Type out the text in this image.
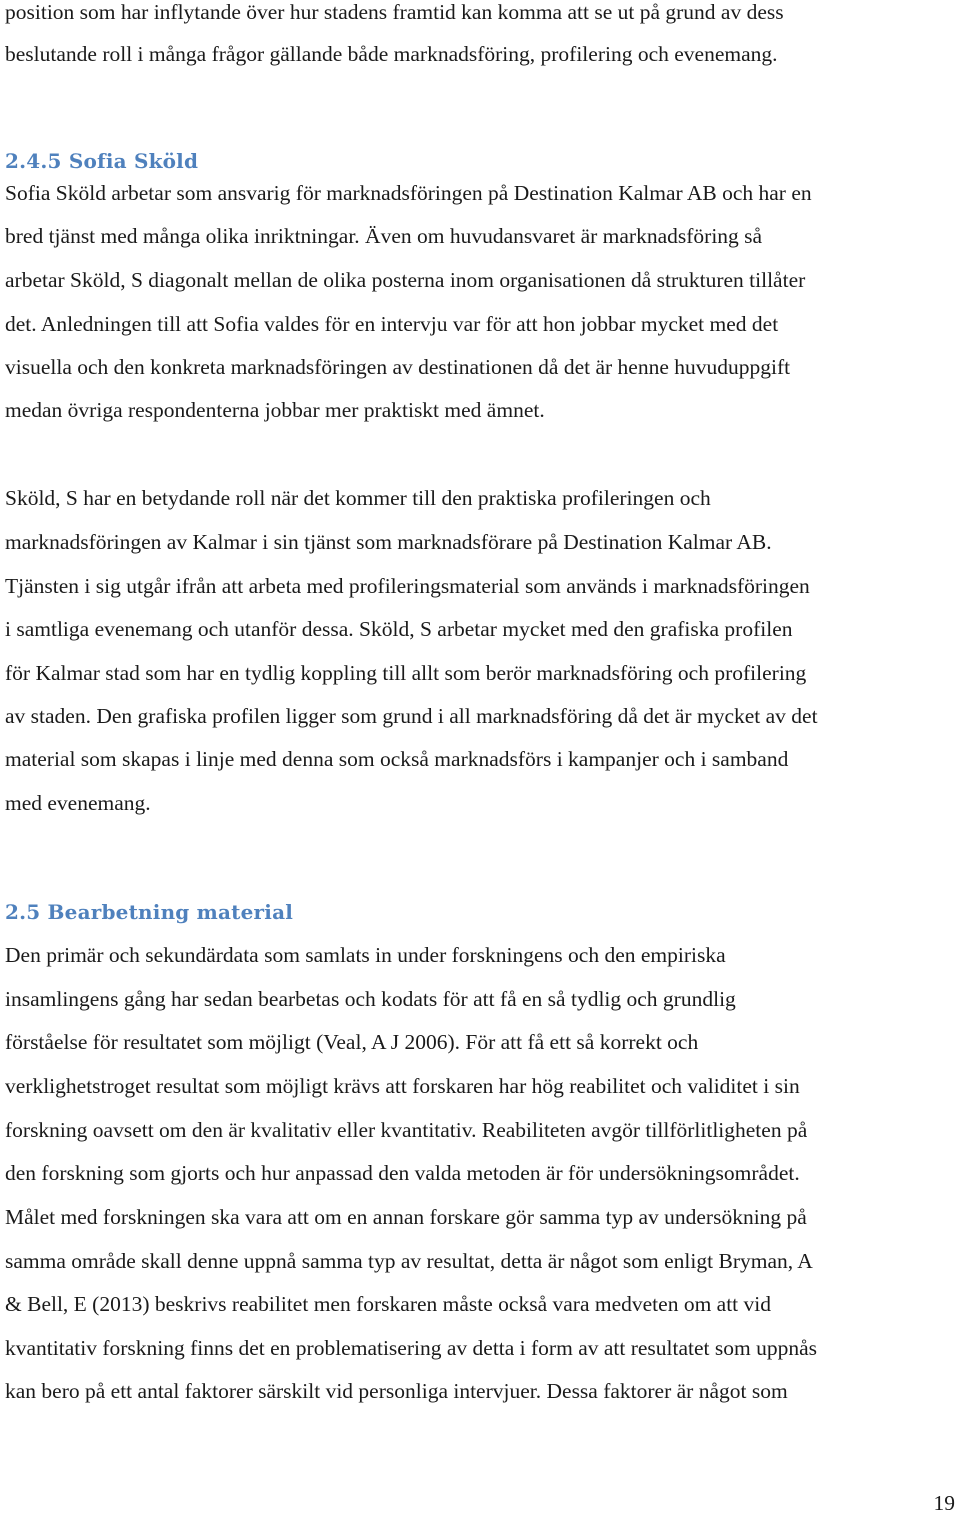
position som har inflytande över hur stadens framtid kan komma att se ut på grund av dess
beslutande roll i många frågor gällande både marknadsföring, profilering och evenemang.
2.4.5 Sofia Sköld
Sofia Sköld arbetar som ansvarig för marknadsföringen på Destination Kalmar AB och har en
bred tjänst med många olika inriktningar. Även om huvudansvaret är marknadsföring så
arbetar Sköld, S diagonalt mellan de olika posterna inom organisationen då strukturen tillåter
det. Anledningen till att Sofia valdes för en intervju var för att hon jobbar mycket med det
visuella och den konkreta marknadsföringen av destinationen då det är henne huvuduppgift
medan övriga respondenterna jobbar mer praktiskt med ämnet.
Sköld, S har en betydande roll när det kommer till den praktiska profileringen och
marknadsföringen av Kalmar i sin tjänst som marknadsförare på Destination Kalmar AB.
Tjänsten i sig utgår ifrån att arbeta med profileringsmaterial som används i marknadsföringen
i samtliga evenemang och utanför dessa. Sköld, S arbetar mycket med den grafiska profilen
för Kalmar stad som har en tydlig koppling till allt som berör marknadsföring och profilering
av staden. Den grafiska profilen ligger som grund i all marknadsföring då det är mycket av det
material som skapas i linje med denna som också marknadsförs i kampanjer och i samband
med evenemang.
2.5 Bearbetning material
Den primär och sekundärdata som samlats in under forskningens och den empiriska
insamlingens gång har sedan bearbetas och kodats för att få en så tydlig och grundlig
förståelse för resultatet som möjligt (Veal, A J 2006). För att få ett så korrekt och
verklighetstroget resultat som möjligt krävs att forskaren har hög reabilitet och validitet i sin
forskning oavsett om den är kvalitativ eller kvantitativ. Reabiliteten avgör tillförlitligheten på
den forskning som gjorts och hur anpassad den valda metoden är för undersökningsområdet.
Målet med forskningen ska vara att om en annan forskare gör samma typ av undersökning på
samma område skall denne uppnå samma typ av resultat, detta är något som enligt Bryman, A
& Bell, E (2013) beskrivs reabilitet men forskaren måste också vara medveten om att vid
kvantitativ forskning finns det en problematisering av detta i form av att resultatet som uppnås
kan bero på ett antal faktorer särskilt vid personliga intervjuer. Dessa faktorer är något som
19
